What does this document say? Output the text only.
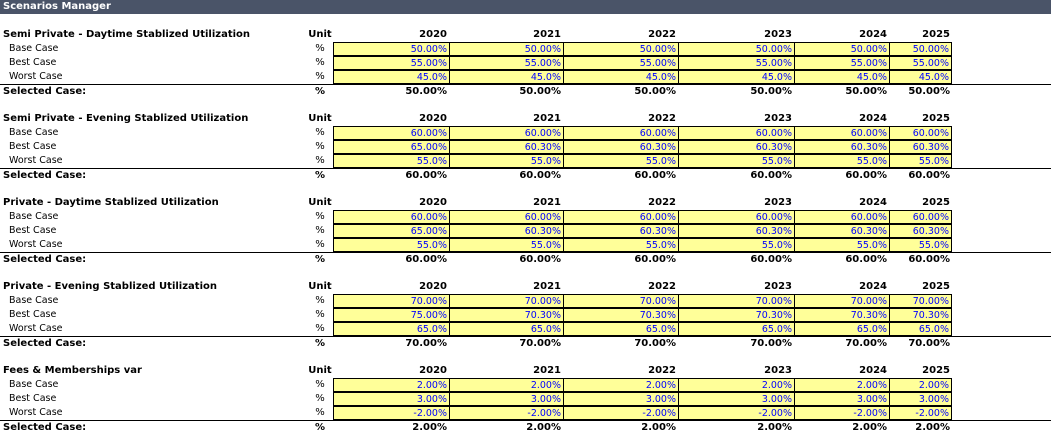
Scenarios Manager
Semi Private - Daytime Stablized Utilization	Unit	2020	2021	2022	2023	2024	2025
Base Case	%	50.00%	50.00%	50.00%	50.00%	50.00%	50.00%
Best Case	%	55.00%	55.00%	55.00%	55.00%	55.00%	55.00%
Worst Case	%	45.0%	45.0%	45.0%	45.0%	45.0%	45.0%
Selected Case:	%	50.00%	50.00%	50.00%	50.00%	50.00%	50.00%
Semi Private - Evening Stablized Utilization	Unit	2020	2021	2022	2023	2024	2025
Base Case	%	60.00%	60.00%	60.00%	60.00%	60.00%	60.00%
Best Case	%	65.00%	60.30%	60.30%	60.30%	60.30%	60.30%
Worst Case	%	55.0%	55.0%	55.0%	55.0%	55.0%	55.0%
Selected Case:	%	60.00%	60.00%	60.00%	60.00%	60.00%	60.00%
Private - Daytime Stablized Utilization	Unit	2020	2021	2022	2023	2024	2025
Base Case	%	60.00%	60.00%	60.00%	60.00%	60.00%	60.00%
Best Case	%	65.00%	60.30%	60.30%	60.30%	60.30%	60.30%
Worst Case	%	55.0%	55.0%	55.0%	55.0%	55.0%	55.0%
Selected Case:	%	60.00%	60.00%	60.00%	60.00%	60.00%	60.00%
Private - Evening Stablized Utilization	Unit	2020	2021	2022	2023	2024	2025
Base Case	%	70.00%	70.00%	70.00%	70.00%	70.00%	70.00%
Best Case	%	75.00%	70.30%	70.30%	70.30%	70.30%	70.30%
Worst Case	%	65.0%	65.0%	65.0%	65.0%	65.0%	65.0%
Selected Case:	%	70.00%	70.00%	70.00%	70.00%	70.00%	70.00%
Fees & Memberships var	Unit	2020	2021	2022	2023	2024	2025
Base Case	%	2.00%	2.00%	2.00%	2.00%	2.00%	2.00%
Best Case	%	3.00%	3.00%	3.00%	3.00%	3.00%	3.00%
Worst Case	%	-2.00%	-2.00%	-2.00%	-2.00%	-2.00%	-2.00%
Selected Case:	%	2.00%	2.00%	2.00%	2.00%	2.00%	2.00%
